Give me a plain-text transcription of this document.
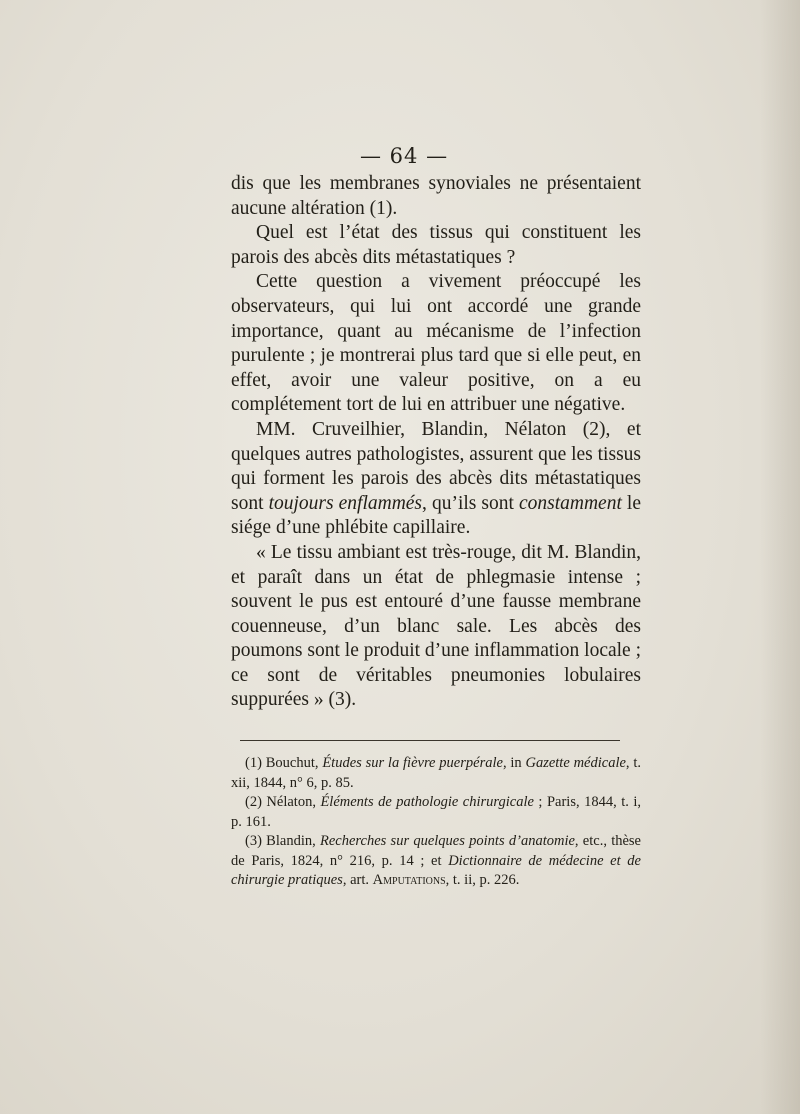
— 64 —

dis que les membranes synoviales ne présentaient aucune altération (1).

Quel est l’état des tissus qui constituent les parois des abcès dits métastatiques ?

Cette question a vivement préoccupé les observateurs, qui lui ont accordé une grande importance, quant au mécanisme de l’infection purulente ; je montrerai plus tard que si elle peut, en effet, avoir une valeur positive, on a eu complétement tort de lui en attribuer une négative.

MM. Cruveilhier, Blandin, Nélaton (2), et quelques autres pathologistes, assurent que les tissus qui forment les parois des abcès dits métastatiques sont toujours enflammés, qu’ils sont constamment le siége d’une phlébite capillaire.

« Le tissu ambiant est très-rouge, dit M. Blandin, et paraît dans un état de phlegmasie intense ; souvent le pus est entouré d’une fausse membrane couenneuse, d’un blanc sale. Les abcès des poumons sont le produit d’une inflammation locale ; ce sont de véritables pneumonies lobulaires suppurées » (3).

(1) Bouchut, Études sur la fièvre puerpérale, in Gazette médicale, t. xii, 1844, n° 6, p. 85.

(2) Nélaton, Éléments de pathologie chirurgicale ; Paris, 1844, t. i, p. 161.

(3) Blandin, Recherches sur quelques points d’anatomie, etc., thèse de Paris, 1824, n° 216, p. 14 ; et Dictionnaire de médecine et de chirurgie pratiques, art. Amputations, t. ii, p. 226.
